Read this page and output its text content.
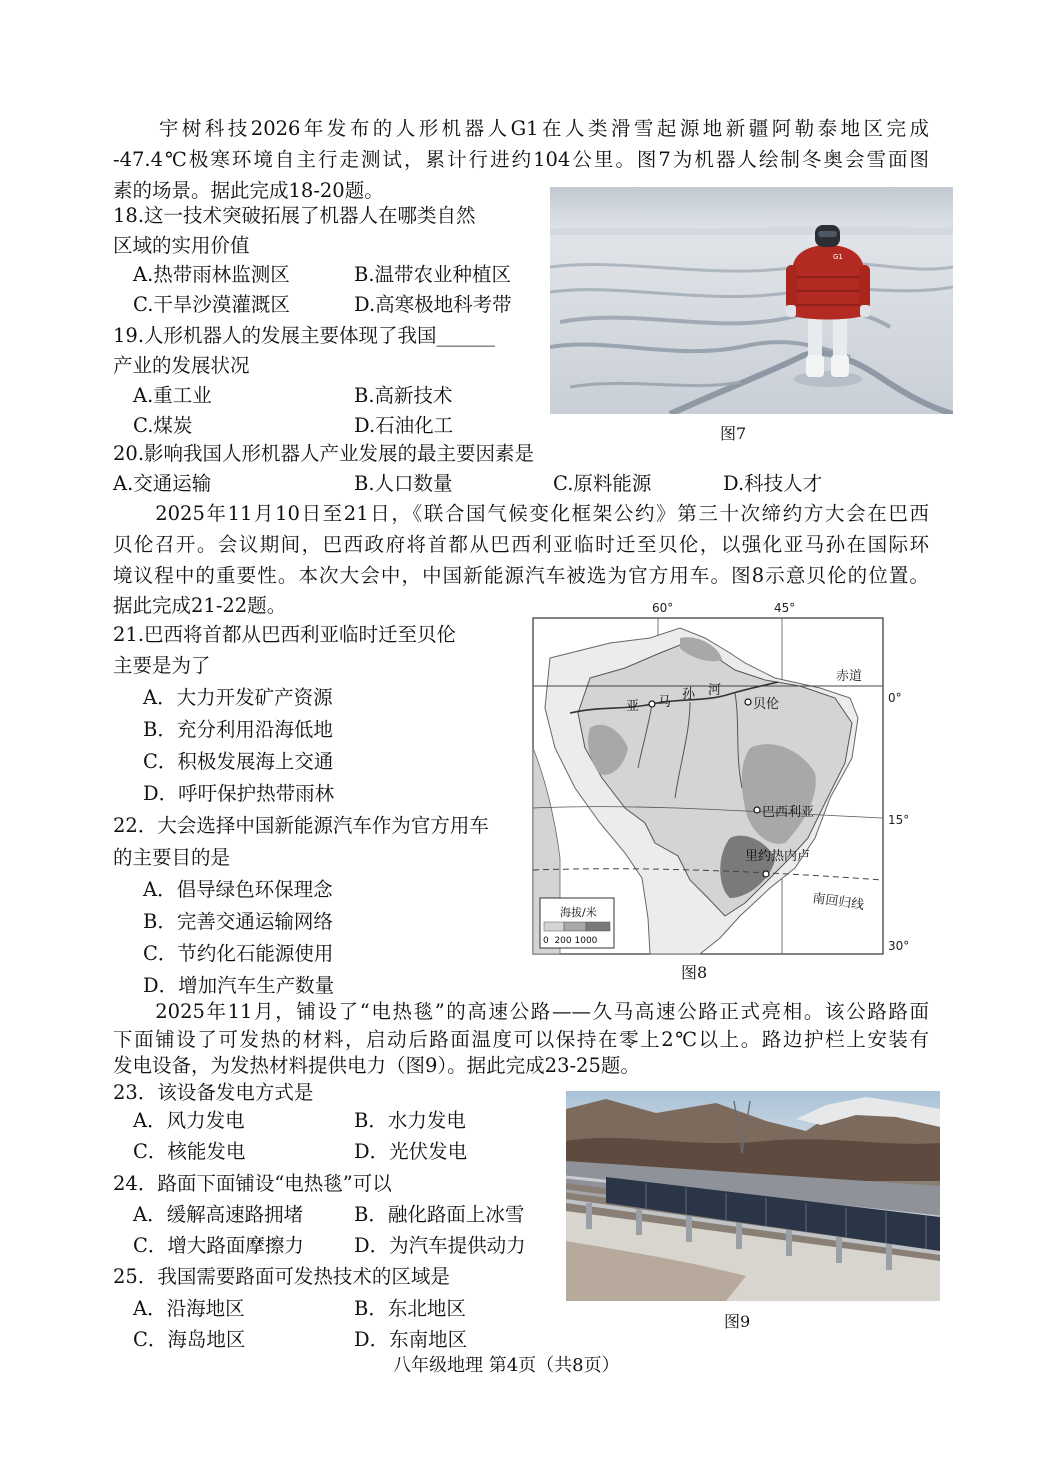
　　宇树科技2026年发布的人形机器人G1在人类滑雪起源地新疆阿勒泰地区完成
-47.4℃极寒环境自主行走测试，累计行进约104公里。图7为机器人绘制冬奥会雪面图
素的场景。据此完成18-20题。
18.这一技术突破拓展了机器人在哪类自然
区域的实用价值
A.热带雨林监测区	B.温带农业种植区
C.干旱沙漠灌溉区	D.高寒极地科考带
19.人形机器人的发展主要体现了我国______
产业的发展状况
A.重工业	B.高新技术
C.煤炭	D.石油化工
G1
图7
20.影响我国人形机器人产业发展的最主要因素是
A.交通运输	B.人口数量	C.原料能源	D.科技人才
　　2025年11月10日至21日，《联合国气候变化框架公约》第三十次缔约方大会在巴西
贝伦召开。会议期间，巴西政府将首都从巴西利亚临时迁至贝伦，以强化亚马孙在国际环
境议程中的重要性。本次大会中，中国新能源汽车被选为官方用车。图8示意贝伦的位置。
据此完成21-22题。
21.巴西将首都从巴西利亚临时迁至贝伦
主要是为了
A．大力开发矿产资源
B．充分利用沿海低地
C．积极发展海上交通
D．呼吁保护热带雨林
22．大会选择中国新能源汽车作为官方用车
的主要目的是
A．倡导绿色环保理念
B．完善交通运输网络
C．节约化石能源使用
D．增加汽车生产数量
60°	45°
赤道
0°
15°
南回归线
30°
亚 马
孙 河
贝伦
巴西利亚
里约热内卢
海拔/米
0  200 1000
图8
　　2025年11月，铺设了“电热毯”的高速公路——久马高速公路正式亮相。该公路路面
下面铺设了可发热的材料，启动后路面温度可以保持在零上2℃以上。路边护栏上安装有
发电设备，为发热材料提供电力（图9）。据此完成23-25题。
23．该设备发电方式是
A．风力发电	B．水力发电
C．核能发电	D．光伏发电
24．路面下面铺设“电热毯”可以
A．缓解高速路拥堵	B．融化路面上冰雪
C．增大路面摩擦力	D．为汽车提供动力
25．我国需要路面可发热技术的区域是
A．沿海地区	B．东北地区
C．海岛地区	D．东南地区
图9
八年级地理 第4页（共8页）
